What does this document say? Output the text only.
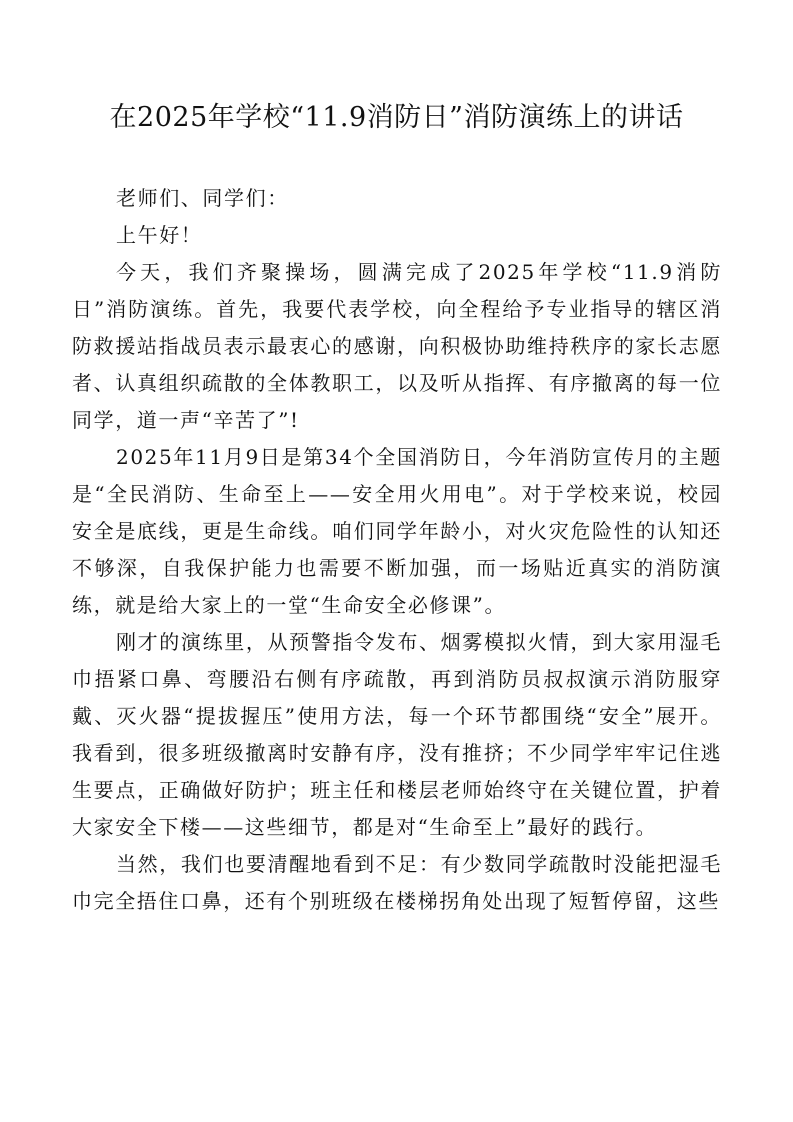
在2025年学校“11.9消防日”消防演练上的讲话

老师们、同学们：

上午好！

今天，我们齐聚操场，圆满完成了2025年学校“11.9消防日”消防演练。首先，我要代表学校，向全程给予专业指导的辖区消防救援站指战员表示最衷心的感谢，向积极协助维持秩序的家长志愿者、认真组织疏散的全体教职工，以及听从指挥、有序撤离的每一位同学，道一声“辛苦了”!

2025年11月9日是第34个全国消防日，今年消防宣传月的主题是“全民消防、生命至上——安全用火用电”。对于学校来说，校园安全是底线，更是生命线。咱们同学年龄小，对火灾危险性的认知还不够深，自我保护能力也需要不断加强，而一场贴近真实的消防演练，就是给大家上的一堂“生命安全必修课”。

刚才的演练里，从预警指令发布、烟雾模拟火情，到大家用湿毛巾捂紧口鼻、弯腰沿右侧有序疏散，再到消防员叔叔演示消防服穿戴、灭火器“提拔握压”使用方法，每一个环节都围绕“安全”展开。我看到，很多班级撤离时安静有序，没有推挤；不少同学牢牢记住逃生要点，正确做好防护；班主任和楼层老师始终守在关键位置，护着大家安全下楼——这些细节，都是对“生命至上”最好的践行。

当然，我们也要清醒地看到不足：有少数同学疏散时没能把湿毛巾完全捂住口鼻，还有个别班级在楼梯拐角处出现了短暂停留，这些
